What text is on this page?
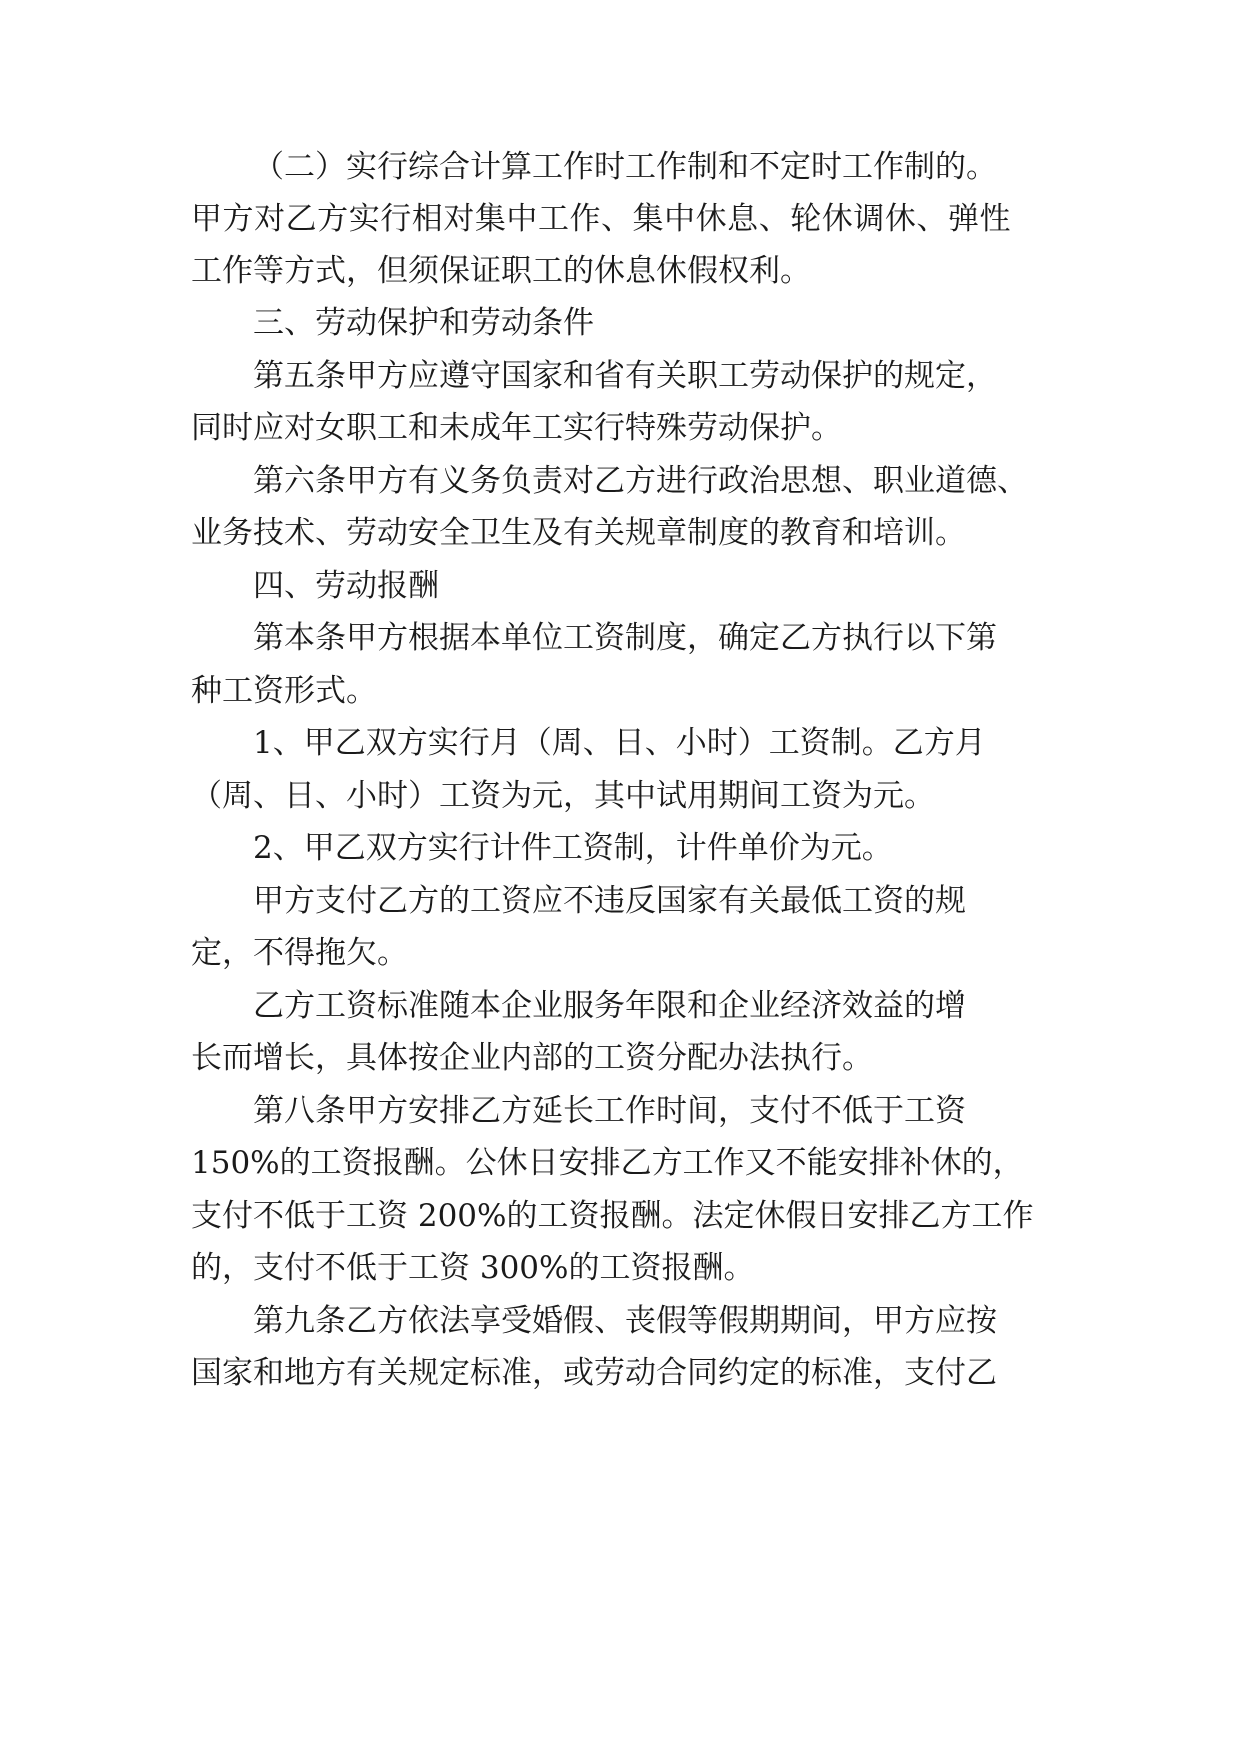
（二）实行综合计算工作时工作制和不定时工作制的。
甲方对乙方实行相对集中工作、集中休息、轮休调休、弹性
工作等方式，但须保证职工的休息休假权利。
三、劳动保护和劳动条件
第五条甲方应遵守国家和省有关职工劳动保护的规定，
同时应对女职工和未成年工实行特殊劳动保护。
第六条甲方有义务负责对乙方进行政治思想、职业道德、
业务技术、劳动安全卫生及有关规章制度的教育和培训。
四、劳动报酬
第本条甲方根据本单位工资制度，确定乙方执行以下第
种工资形式。
1、甲乙双方实行月（周、日、小时）工资制。乙方月
（周、日、小时）工资为元，其中试用期间工资为元。
2、甲乙双方实行计件工资制，计件单价为元。
甲方支付乙方的工资应不违反国家有关最低工资的规
定，不得拖欠。
乙方工资标准随本企业服务年限和企业经济效益的增
长而增长，具体按企业内部的工资分配办法执行。
第八条甲方安排乙方延长工作时间，支付不低于工资
150%的工资报酬。公休日安排乙方工作又不能安排补休的，
支付不低于工资 200%的工资报酬。法定休假日安排乙方工作
的，支付不低于工资 300%的工资报酬。
第九条乙方依法享受婚假、丧假等假期期间，甲方应按
国家和地方有关规定标准，或劳动合同约定的标准，支付乙
